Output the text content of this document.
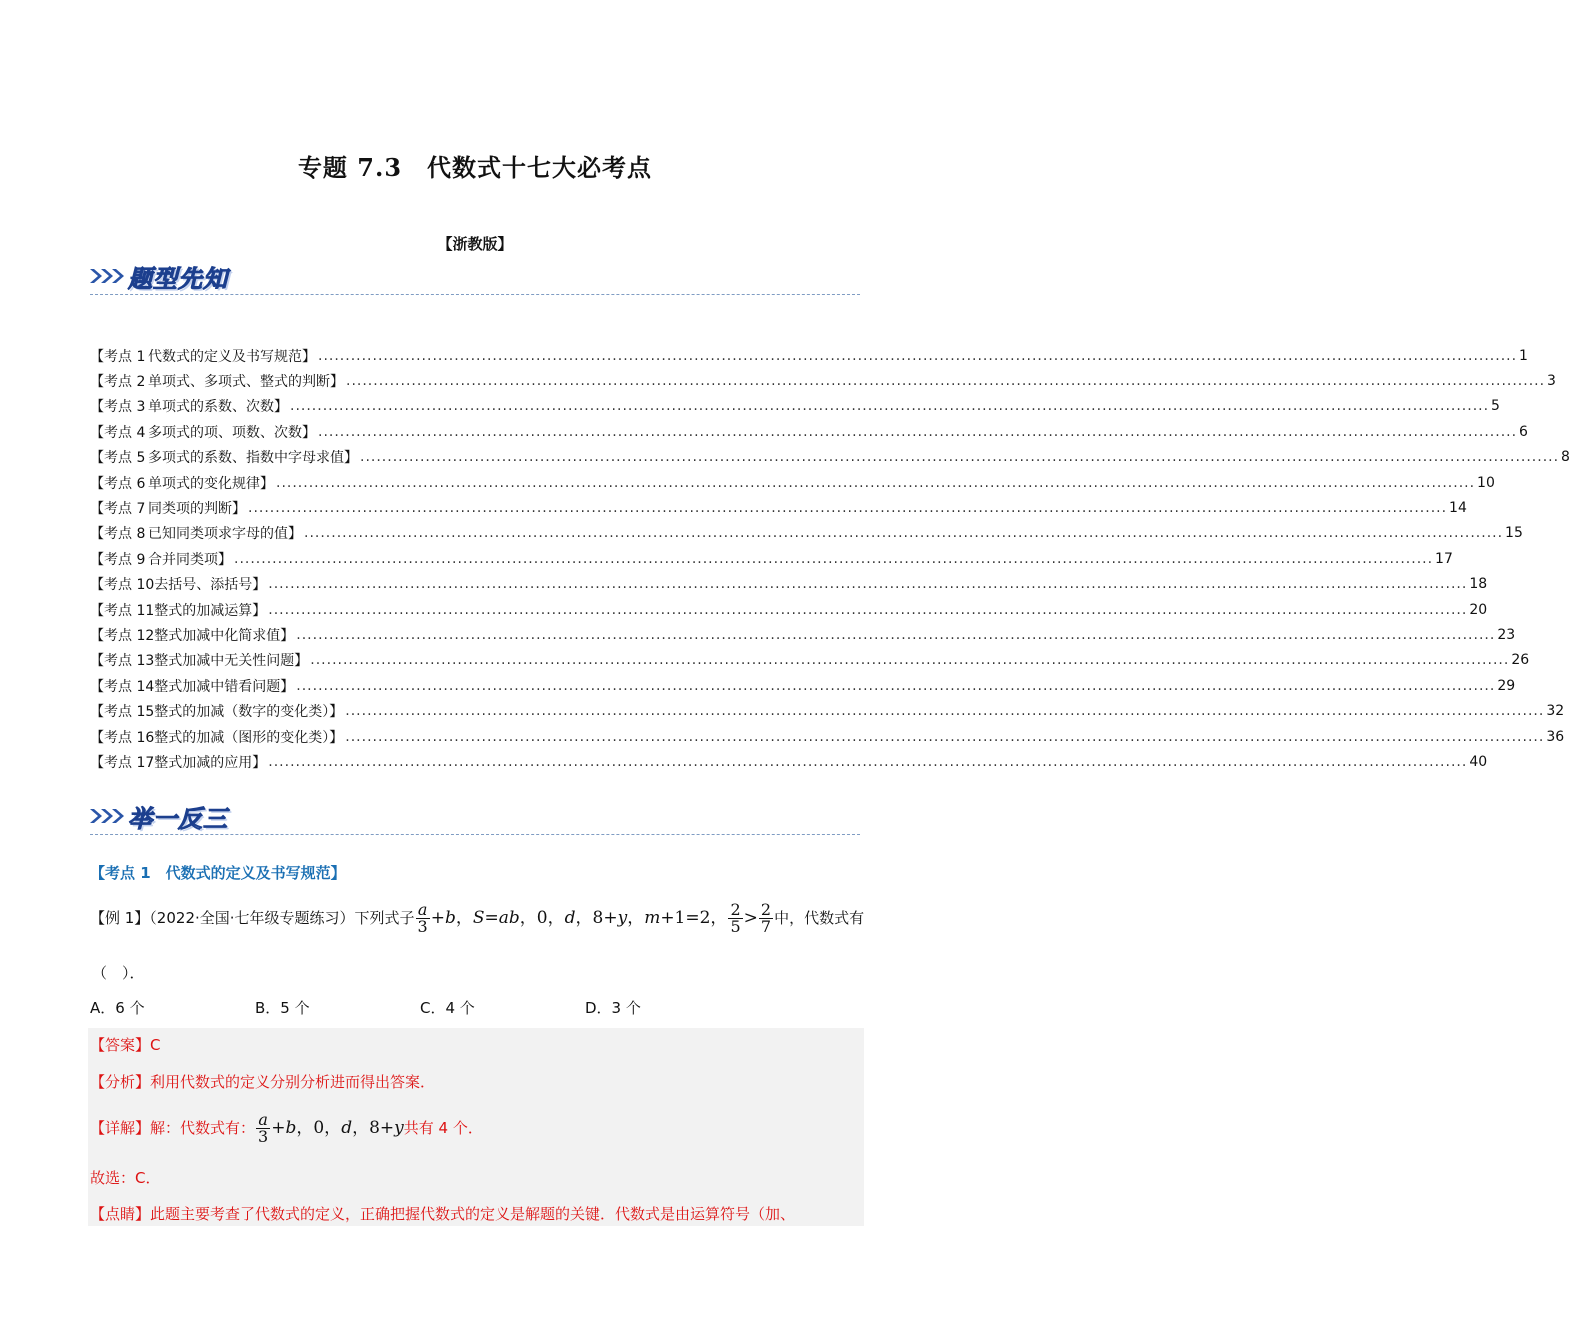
专题 7.3　代数式十七大必考点
【浙教版】
题型先知
【考点 1 代数式的定义及书写规范】 ............................................................................................................................................................................................................................ 1
【考点 2 单项式、多项式、整式的判断】 ............................................................................................................................................................................................................................ 3
【考点 3 单项式的系数、次数】 ............................................................................................................................................................................................................................ 5
【考点 4 多项式的项、项数、次数】 ............................................................................................................................................................................................................................ 6
【考点 5 多项式的系数、指数中字母求值】 ............................................................................................................................................................................................................................ 8
【考点 6 单项式的变化规律】 ............................................................................................................................................................................................................................ 10
【考点 7 同类项的判断】 ............................................................................................................................................................................................................................ 14
【考点 8 已知同类项求字母的值】 ............................................................................................................................................................................................................................ 15
【考点 9 合并同类项】 ............................................................................................................................................................................................................................ 17
【考点 10去括号、添括号】 ............................................................................................................................................................................................................................ 18
【考点 11整式的加减运算】 ............................................................................................................................................................................................................................ 20
【考点 12整式加减中化简求值】 ............................................................................................................................................................................................................................ 23
【考点 13整式加减中无关性问题】 ............................................................................................................................................................................................................................ 26
【考点 14整式加减中错看问题】 ............................................................................................................................................................................................................................ 29
【考点 15整式的加减（数字的变化类）】 ............................................................................................................................................................................................................................ 32
【考点 16整式的加减（图形的变化类）】 ............................................................................................................................................................................................................................ 36
【考点 17整式加减的应用】 ............................................................................................................................................................................................................................ 40
举一反三
【考点 1　代数式的定义及书写规范】
【例 1】（2022·全国·七年级专题练习）下列式子 $\frac{a}{3} +b$，S=ab，0，d，8+y，m+1=2， $\frac{2}{5} > \frac{2}{7}$ 中，代数式有
（　）．
A．6 个	B．5 个	C．4 个	D．3 个
【答案】C
【分析】利用代数式的定义分别分析进而得出答案．
【详解】解：代数式有： $\frac{a}{3} +b$，0，d，8+y共有 4 个．
故选：C．
【点睛】此题主要考查了代数式的定义，正确把握代数式的定义是解题的关键．代数式是由运算符号（加、
